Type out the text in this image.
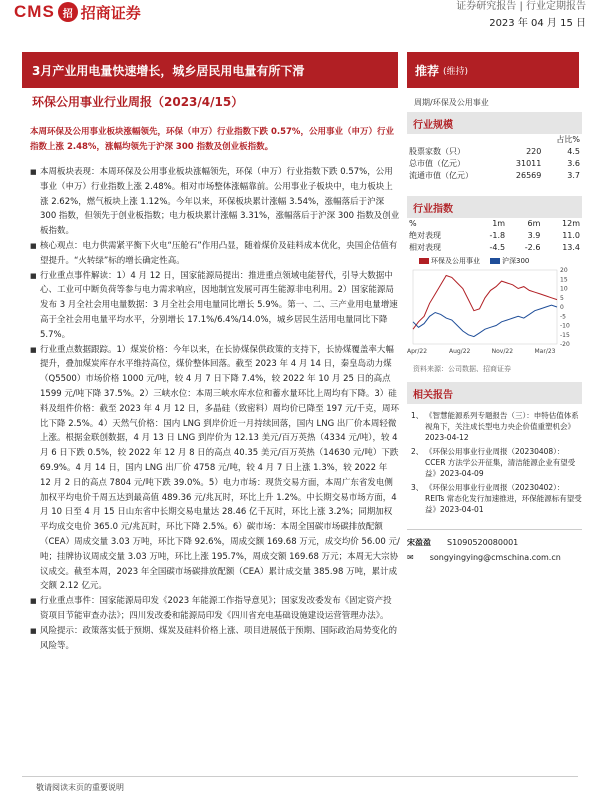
CMS 招 招商证券	证券研究报告 | 行业定期报告
2023 年 04 月 15 日
3月产业用电量快速增长，城乡居民用电量有所下滑	推荐 (维持)
环保公用事业行业周报（2023/4/15）	周期/环保及公用事业
本周环保及公用事业板块涨幅领先，环保（申万）行业指数下跌 0.57%，公用事业（申万）行业指数上涨 2.48%，涨幅均领先于沪深 300 指数及创业板指数。

■ 本周板块表现：本周环保及公用事业板块涨幅领先，环保（申万）行业指数下跌 0.57%，公用事业（申万）行业指数上涨 2.48%。相对市场整体涨幅靠前。公用事业子板块中，电力板块上涨 2.62%，燃气板块上涨 1.12%。今年以来，环保板块累计涨幅 3.54%，涨幅落后于沪深 300 指数，但领先于创业板指数；电力板块累计涨幅 3.31%，涨幅落后于沪深 300 指数及创业板指数。

■ 核心观点：电力供需紧平衡下火电“压舱石”作用凸显，随着煤价及硅料成本优化，央国企估值有望提升。“火转绿”标的增长确定性高。

■ 行业重点事件解读：1）4 月 12 日，国家能源局提出：推进重点领域电能替代，引导大数据中心、工业可中断负荷等参与电力需求响应，因地制宜发展可再生能源非电利用。2）国家能源局发布 3 月全社会用电量数据：3 月全社会用电量同比增长 5.9%。第一、二、三产业用电量增速高于全社会用电量平均水平，分别增长 17.1%/6.4%/14.0%，城乡居民生活用电量同比下降 5.7%。

■ 行业重点数据跟踪。1）煤炭价格：今年以来，在长协煤保供政策的支持下，长协煤覆盖率大幅提升，叠加煤炭库存水平维持高位，煤价整体回落。截至 2023 年 4 月 14 日，秦皇岛动力煤（Q5500）市场价格 1000 元/吨，较 4 月 7 日下降 7.4%，较 2022 年 10 月 25 日的高点 1599 元/吨下降 37.5%。2）三峡水位：本周三峡水库水位和蓄水量环比上周均有下降。3）硅料及组件价格：截至 2023 年 4 月 12 日，多晶硅（致密料）周均价已降至 197 元/千克，周环比下降 2.5%。4）天然气价格：国内 LNG 到岸价近一月持续回落，国内 LNG 出厂价本周轻微上涨。根据金联创数据，4 月 13 日 LNG 到岸价为 12.13 美元/百万英热（4334 元/吨），较 4 月 6 日下跌 0.5%，较 2022 年 12 月 8 日的高点 40.35 美元/百万英热（14630 元/吨）下跌 69.9%。4 月 14 日，国内 LNG 出厂价 4758 元/吨，较 4 月 7 日上涨 1.3%，较 2022 年 12 月 2 日的高点 7804 元/吨下跌 39.0%。5）电力市场：现货交易方面，本周广东省发电侧加权平均电价千周五达到最高值 489.36 元/兆瓦时，环比上升 1.2%。中长期交易市场方面，4 月 10 日至 4 月 15 日山东省中长期交易电量达 28.46 亿千瓦时，环比上涨 3.2%；同期加权平均成交电价 365.0 元/兆瓦时，环比下降 2.5%。6）碳市场：本周全国碳市场碳排放配额（CEA）周成交量 3.03 万吨，环比下降 92.6%，周成交额 169.68 万元，成交均价 56.00 元/吨；挂牌协议周成交量 3.03 万吨，环比上涨 195.7%，周成交额 169.68 万元；本周无大宗协议成交。截至本周，2023 年全国碳市场碳排放配额（CEA）累计成交量 385.98 万吨，累计成交额 2.12 亿元。

■ 行业重点事件：国家能源局印发《2023 年能源工作指导意见》；国家发改委发布《固定资产投资项目节能审查办法》；四川发改委和能源局印发《四川省充电基础设施建设运营管理办法》。

■ 风险提示：政策落实低于预期、煤炭及硅料价格上涨、项目进展低于预期、国际政治局势变化的风险等。

行业规模
		占比%
股票家数（只）	220	4.5
总市值（亿元）	31011	3.6
流通市值（亿元）	26569	3.7
行业指数
%	1m	6m	12m
绝对表现	-1.8	3.9	11.0
相对表现	-4.5	-2.6	13.4
环保及公用事业	沪深300
20
15
10
5
0
-5
-10
-15
-20
Apr/22	Aug/22	Nov/22	Mar/23
资料来源：公司数据、招商证券
相关报告
1、 《智慧能源系列专题报告（三）：申特估值体系视角下，关注成长型电力央企价值重塑机会》2023-04-12
2、 《环保公用事业行业周报（20230408）：CCER 方法学公开征集，清洁能源企业有望受益》2023-04-09
3、 《环保公用事业行业周报（20230402）：REITs 常态化发行加速推进，环保能源标有望受益》2023-04-01
宋盈盈 S1090520080001
✉ songyingying@cmschina.com.cn
敬请阅读末页的重要说明
